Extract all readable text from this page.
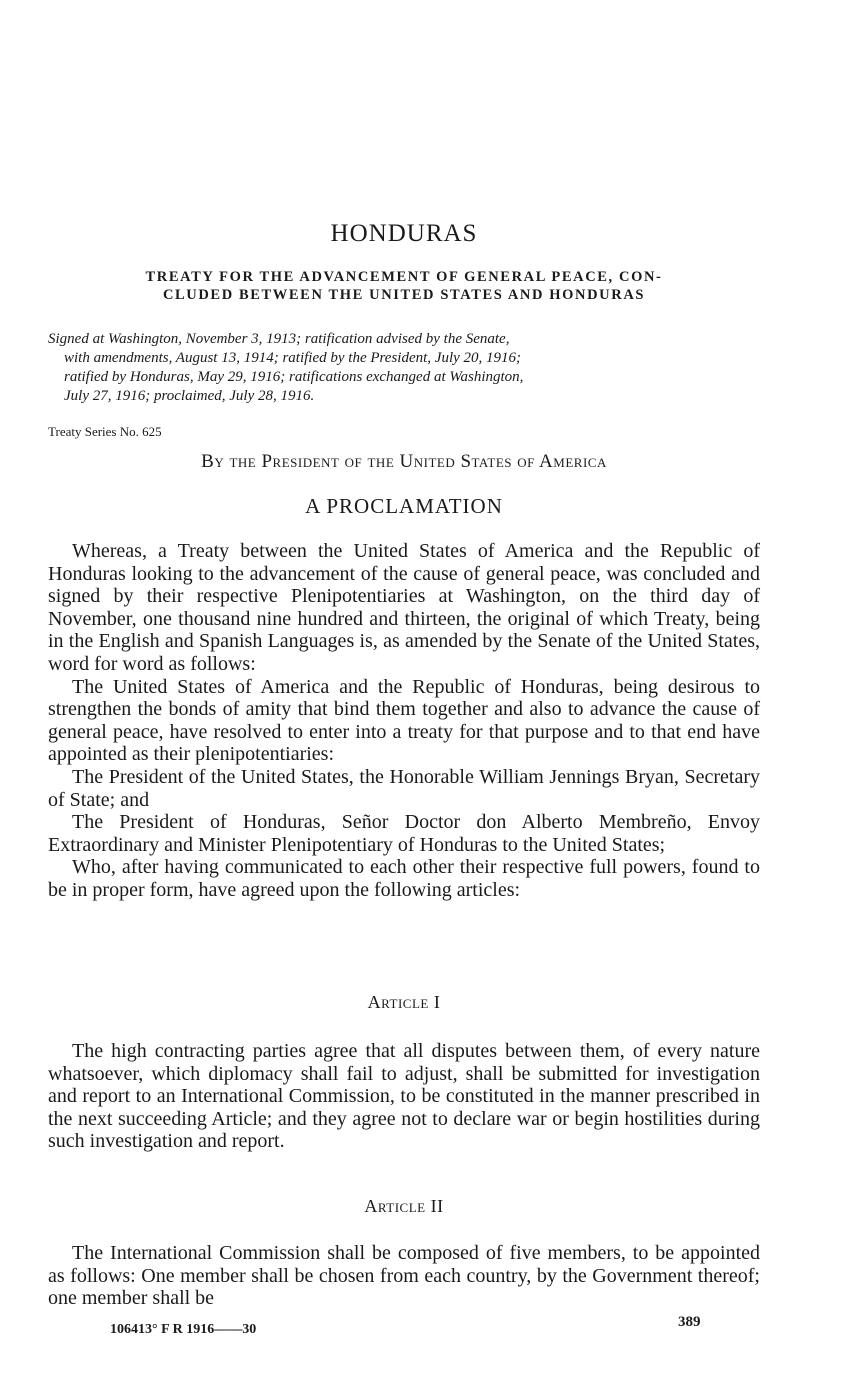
HONDURAS
TREATY FOR THE ADVANCEMENT OF GENERAL PEACE, CON-
CLUDED BETWEEN THE UNITED STATES AND HONDURAS
Signed at Washington, November 3, 1913; ratification advised by the Senate,
with amendments, August 13, 1914; ratified by the President, July 20, 1916;
ratified by Honduras, May 29, 1916; ratifications exchanged at Washington,
July 27, 1916; proclaimed, July 28, 1916.
Treaty Series No. 625
By the President of the United States of America
A PROCLAMATION

Whereas, a Treaty between the United States of America and the Republic of Honduras looking to the advancement of the cause of general peace, was concluded and signed by their respective Plenipotentiaries at Washington, on the third day of November, one thousand nine hundred and thirteen, the original of which Treaty, being in the English and Spanish Languages is, as amended by the Senate of the United States, word for word as follows:

The United States of America and the Republic of Honduras, being desirous to strengthen the bonds of amity that bind them together and also to advance the cause of general peace, have resolved to enter into a treaty for that purpose and to that end have appointed as their plenipotentiaries:

The President of the United States, the Honorable William Jennings Bryan, Secretary of State; and

The President of Honduras, Señor Doctor don Alberto Membreño, Envoy Extraordinary and Minister Plenipotentiary of Honduras to the United States;

Who, after having communicated to each other their respective full powers, found to be in proper form, have agreed upon the following articles:

Article I

The high contracting parties agree that all disputes between them, of every nature whatsoever, which diplomacy shall fail to adjust, shall be submitted for investigation and report to an International Commission, to be constituted in the manner prescribed in the next succeeding Article; and they agree not to declare war or begin hostilities during such investigation and report.

Article II

The International Commission shall be composed of five members, to be appointed as follows: One member shall be chosen from each country, by the Government thereof; one member shall be

106413° F R 1916——30	389
